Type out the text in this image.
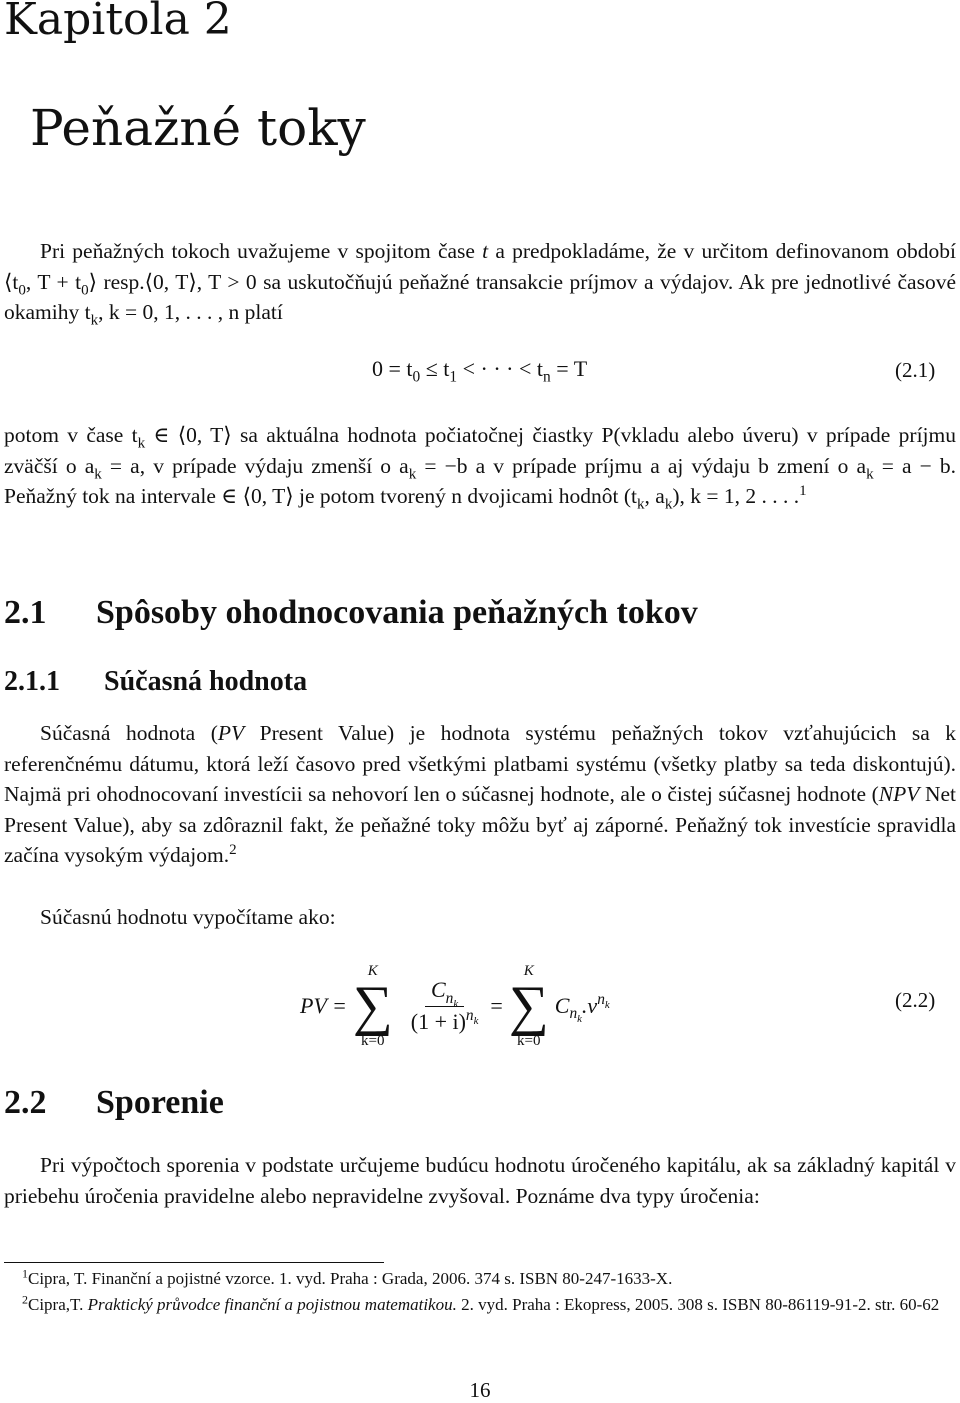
Kapitola 2
Peňažné toky

Pri peňažných tokoch uvažujeme v spojitom čase t a predpokladáme, že v určitom definovanom období $⟨t_0$, $T + t_0⟩$ resp.⟨0, T⟩, T > 0 sa uskutočňujú peňažné transakcie príjmov a výdajov. Ak pre jednotlivé časové okamihy $t_k$, k = 0, 1, . . . , n platí

$0 = t_0 \le t_1$ < · · · < $t_n = T$	(2.1)

potom v čase $t_k$ ∈ ⟨0, T⟩ sa aktuálna hodnota počiatočnej čiastky P(vkladu alebo úveru) v prípade príjmu zväčší o $a_k = a$, v prípade výdaju zmenší o $a_k = -b$ a v prípade príjmu a aj výdaju b zmení o $a_k = a - b$. Peňažný tok na intervale ∈ ⟨0, T⟩ je potom tvorený n dvojicami hodnôt ($t_k$, $a_k$), k = 1, 2 . . . .$^1$

2.1 Spôsoby ohodnocovania peňažných tokov
2.1.1 Súčasná hodnota

Súčasná hodnota (PV Present Value) je hodnota systému peňažných tokov vzťahujúcich sa k referenčnému dátumu, ktorá leží časovo pred všetkými platbami systému (všetky platby sa teda diskontujú). Najmä pri ohodnocovaní investícii sa nehovorí len o súčasnej hodnote, ale o čistej súčasnej hodnote (NPV Net Present Value), aby sa zdôraznil fakt, že peňažné toky môžu byť aj záporné. Peňažný tok investície spravidla začína vysokým výdajom.$^2$

Súčasnú hodnotu vypočítame ako:

PV =
K
∑
k=0
$\frac{C_{n_k}}{(1 + i)^{n_k}}$ =
K
∑
k=0
$C_{n_k}.v^{n_k}$	(2.2)
2.2 Sporenie

Pri výpočtoch sporenia v podstate určujeme budúcu hodnotu úročeného kapitálu, ak sa základný kapitál v priebehu úročenia pravidelne alebo nepravidelne zvyšoval. Poznáme dva typy úročenia:

$^1$Cipra, T. Finanční a pojistné vzorce. 1. vyd. Praha : Grada, 2006. 374 s. ISBN 80-247-1633-X.

$^2$Cipra,T. Praktický průvodce finanční a pojistnou matematikou. 2. vyd. Praha : Ekopress, 2005. 308 s. ISBN 80-86119-91-2. str. 60-62

16
